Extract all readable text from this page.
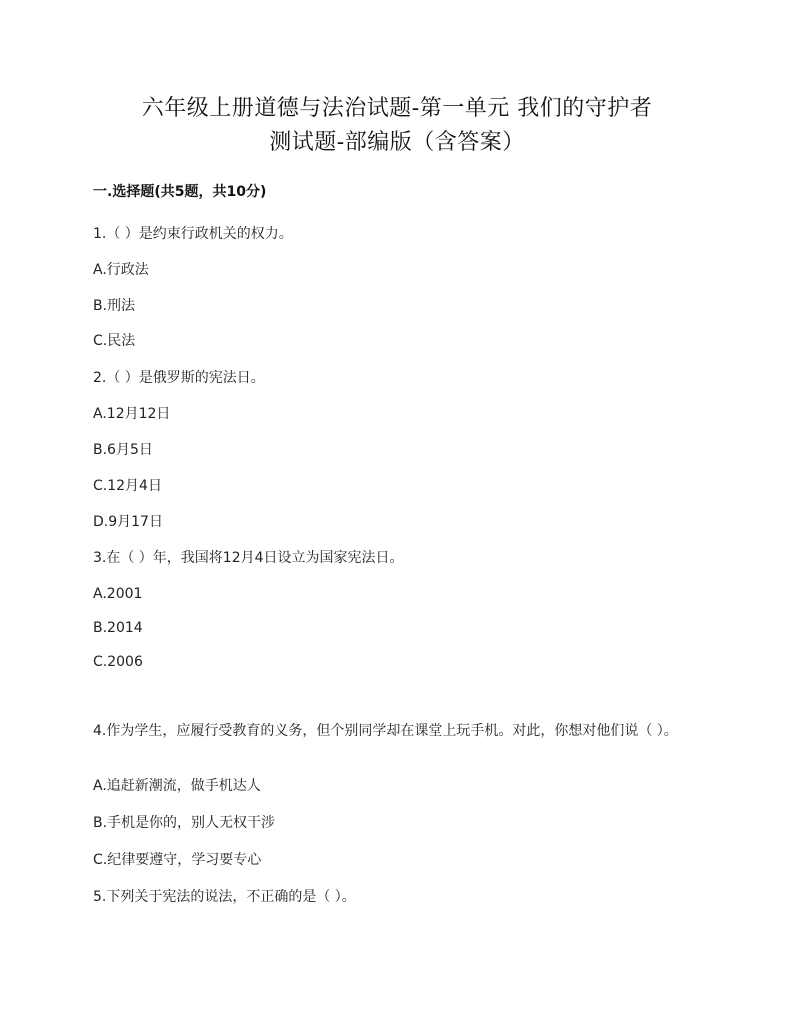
六年级上册道德与法治试题-第一单元 我们的守护者
测试题-部编版（含答案）
一.选择题(共5题，共10分)
1.（ ）是约束行政机关的权力。
A.行政法
B.刑法
C.民法
2.（ ）是俄罗斯的宪法日。
A.12月12日
B.6月5日
C.12月4日
D.9月17日
3.在（ ）年，我国将12月4日设立为国家宪法日。
A.2001
B.2014
C.2006
4.作为学生，应履行受教育的义务，但个别同学却在课堂上玩手机。对此，你想对他们说（ ）。
A.追赶新潮流，做手机达人
B.手机是你的，别人无权干涉
C.纪律要遵守，学习要专心
5.下列关于宪法的说法，不正确的是（ ）。
